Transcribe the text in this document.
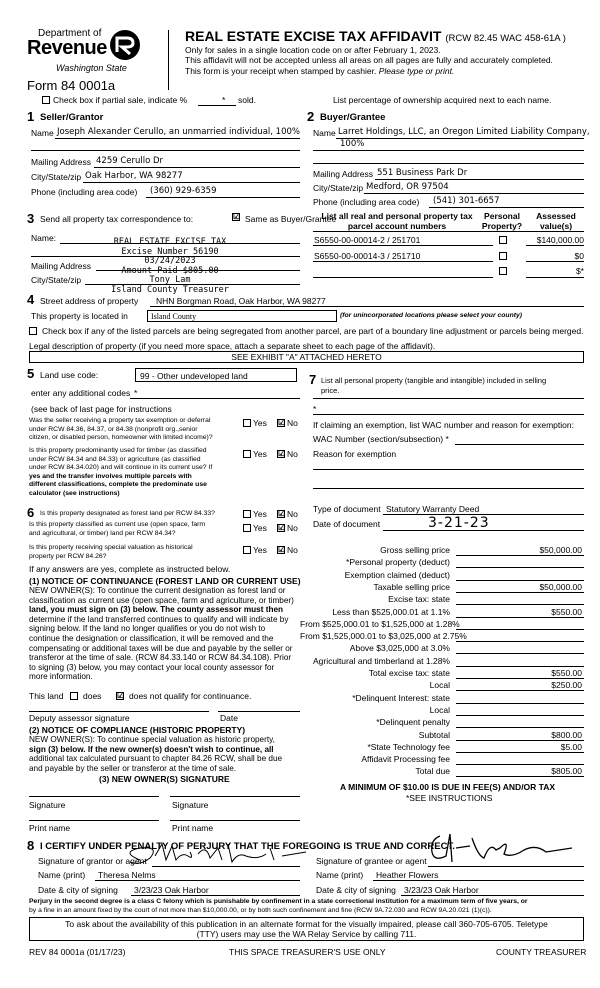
Department of
Revenue
Washington State
Form 84 0001a
REAL ESTATE EXCISE TAX AFFIDAVIT (RCW 82.45 WAC 458-61A )
Only for sales in a single location code on or after February 1, 2023.
This affidavit will not be accepted unless all areas on all pages are fully and accurately completed.
This form is your receipt when stamped by cashier. Please type or print.
Check box if partial sale, indicate %	* sold.	List percentage of ownership acquired next to each name.
1 Seller/Grantor
Name Joseph Alexander Cerullo, an unmarried individual, 100%
Mailing Address 4259 Cerullo Dr
City/State/zip Oak Harbor, WA 98277
Phone (including area code) (360) 929-6359
2 Buyer/Grantee
Name Larret Holdings, LLC, an Oregon Limited Liability Company,
100%
Mailing Address 551 Business Park Dr
City/State/zip Medford, OR 97504
Phone (including area code) (541) 301-6657
3 Send all property tax correspondence to:	☑ Same as Buyer/Grantee
Name:
Mailing Address
City/State/zip
REAL ESTATE EXCISE TAX
Excise Number 56190
03/24/2023
Amount Paid $805.00
Tony Lam
Island County Treasurer
List all real and personal property tax
parcel account numbers
Personal
Property?
Assessed
value(s)
S6550-00-00014-2 / 251701	$140,000.00
S6550-00-00014-3 / 251710	$0
$*
4 Street address of property NHN Borgman Road, Oak Harbor, WA 98277
This property is located in	Island County	(for unincorporated locations please select your county)
Check box if any of the listed parcels are being segregated from another parcel, are part of a boundary line adjustment or parcels being merged.
Legal description of property (if you need more space, attach a separate sheet to each page of the affidavit).
SEE EXHIBIT "A" ATTACHED HERETO
5 Land use code:	99 - Other undeveloped land
enter any additional codes *
(see back of last page for instructions
Was the seller receiving a property tax exemption or deferral
under RCW 84.36, 84.37, or 84.38 (nonprofit org.,senior
citizen, or disabled person, homeowner with limited income)?
Yes ☑ No
Is this property predominantly used for timber (as classified
under RCW 84.34 and 84.33) or agriculture (as classified
under RCW 84.34.020) and will continue in its current use? If
yes and the transfer involves multiple parcels with
different classifications, complete the predominate use
calculator (see instructions)
Yes ☑ No
7 List all personal property (tangible and intangible) included in selling
price.
*
If claiming an exemption, list WAC number and reason for exemption:
WAC Number (section/subsection) *
Reason for exemption
Type of document Statutory Warranty Deed
Date of document	3-21-23
6 Is this property designated as forest land per RCW 84.33?	Yes ☑ No
Is this property classified as current use (open space, farm
and agricultural, or timber) land per RCW 84.34?	Yes ☑ No
Is this property receiving special valuation as historical
property per RCW 84.26?
Yes ☑ No
If any answers are yes, complete as instructed below.
(1) NOTICE OF CONTINUANCE (FOREST LAND OR CURRENT USE)
NEW OWNER(S): To continue the current designation as forest land or
classification as current use (open space, farm and agriculture, or timber)
land, you must sign on (3) below. The county assessor must then
determine if the land transferred continues to qualify and will indicate by
signing below. If the land no longer qualifies or you do not wish to
continue the designation or classification, it will be removed and the
compensating or additional taxes will be due and payable by the seller or
transferor at the time of sale. (RCW 84.33.140 or RCW 84.34.108). Prior
to signing (3) below, you may contact your local county assessor for
more information.
This land does ☑ does not qualify for continuance.
Deputy assessor signature	Date
(2) NOTICE OF COMPLIANCE (HISTORIC PROPERTY)
NEW OWNER(S): To continue special valuation as historic property,
sign (3) below. If the new owner(s) doesn't wish to continue, all
additional tax calculated pursuant to chapter 84.26 RCW, shall be due
and payable by the seller or transferor at the time of sale.
(3) NEW OWNER(S) SIGNATURE
Signature	Signature
Print name	Print name
Gross selling price	$50,000.00
*Personal property (deduct)
Exemption claimed (deduct)
Taxable selling price	$50,000.00
Excise tax: state
Less than $525,000.01 at 1.1%	$550.00
From $525,000.01 to $1,525,000 at 1.28%
From $1,525,000.01 to $3,025,000 at 2.75%
Above $3,025,000 at 3.0%
Agricultural and timberland at 1.28%
Total excise tax: state	$550.00
Local	$250.00
*Delinquent Interest: state
Local
*Delinquent penalty
Subtotal	$800.00
*State Technology fee	$5.00
Affidavit Processing fee
Total due	$805.00
A MINIMUM OF $10.00 IS DUE IN FEE(S) AND/OR TAX
*SEE INSTRUCTIONS
8 I CERTIFY UNDER PENALTY OF PERJURY THAT THE FOREGOING IS TRUE AND CORRECT.
Signature of grantor or agent	Signature of grantee or agent
Name (print) Theresa Nelms	Name (print) Heather Flowers
Date & city of signing 3/23/23 Oak Harbor	Date & city of signing 3/23/23 Oak Harbor
Perjury in the second degree is a class C felony which is punishable by confinement in a state correctional institution for a maximum term of five years, or
by a fine in an amount fixed by the court of not more than $10,000.00, or by both such confinement and fine (RCW 9A.72.030 and RCW 9A.20.021 (1)(c)).
To ask about the availability of this publication in an alternate format for the visually impaired, please call 360-705-6705. Teletype
(TTY) users may use the WA Relay Service by calling 711.
REV 84 0001a (01/17/23)	THIS SPACE TREASURER'S USE ONLY	COUNTY TREASURER
